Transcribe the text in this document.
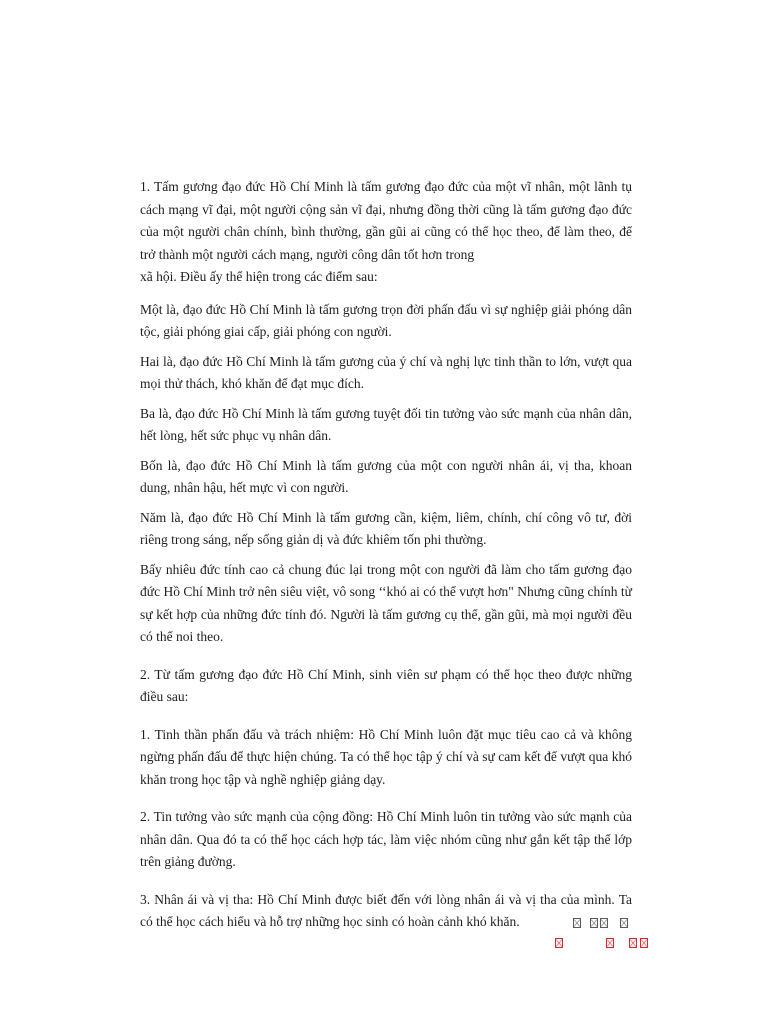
1. Tấm gương đạo đức Hồ Chí Minh là tấm gương đạo đức của một vĩ nhân, một lãnh tụ cách mạng vĩ đại, một người cộng sản vĩ đại, nhưng đồng thời cũng là tấm gương đạo đức của một người chân chính, bình thường, gần gũi ai cũng có thể học theo, để làm theo, để trở thành một người cách mạng, người công dân tốt hơn trong
xã hội. Điều ấy thể hiện trong các điểm sau:

Một là, đạo đức Hồ Chí Minh là tấm gương trọn đời phấn đấu vì sự nghiệp giải phóng dân tộc, giải phóng giai cấp, giải phóng con người.

Hai là, đạo đức Hồ Chí Minh là tấm gương của ý chí và nghị lực tinh thần to lớn, vượt qua mọi thử thách, khó khăn để đạt mục đích.

Ba là, đạo đức Hồ Chí Minh là tấm gương tuyệt đối tin tưởng vào sức mạnh của nhân dân, hết lòng, hết sức phục vụ nhân dân.

Bốn là, đạo đức Hồ Chí Minh là tấm gương của một con người nhân ái, vị tha, khoan dung, nhân hậu, hết mực vì con người.

Năm là, đạo đức Hồ Chí Minh là tấm gương cần, kiệm, liêm, chính, chí công vô tư, đời riêng trong sáng, nếp sống giản dị và đức khiêm tốn phi thường.

Bấy nhiêu đức tính cao cả chung đúc lại trong một con người đã làm cho tấm gương đạo đức Hồ Chí Minh trở nên siêu việt, vô song ‘‘khó ai có thể vượt hơn" Nhưng cũng chính từ sự kết hợp của những đức tính đó. Người là tấm gương cụ thể, gần gũi, mà mọi người đều có thể noi theo.

2. Từ tấm gương đạo đức Hồ Chí Minh, sinh viên sư phạm có thể học theo được những điều sau:

1. Tinh thần phấn đấu và trách nhiệm: Hồ Chí Minh luôn đặt mục tiêu cao cả và không ngừng phấn đấu để thực hiện chúng. Ta có thể học tập ý chí và sự cam kết để vượt qua khó khăn trong học tập và nghề nghiệp giảng dạy.

2. Tin tưởng vào sức mạnh của cộng đồng: Hồ Chí Minh luôn tin tưởng vào sức mạnh của nhân dân. Qua đó ta có thể học cách hợp tác, làm việc nhóm cũng như gắn kết tập thể lớp trên giảng đường.

3. Nhân ái và vị tha: Hồ Chí Minh được biết đến với lòng nhân ái và vị tha của mình. Ta có thể học cách hiểu và hỗ trợ những học sinh có hoàn cảnh khó khăn.
